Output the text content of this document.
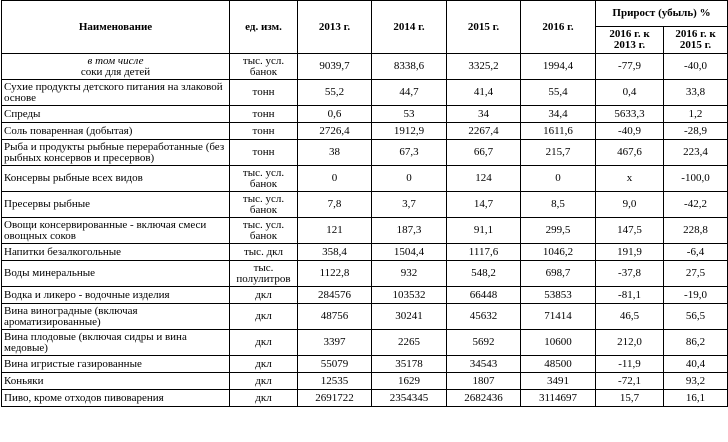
Наименование	ед. изм.	2013 г.	2014 г.	2015 г.	2016 г.	Прирост (убыль) %	
						2016 г. к 2013 г.	2016 г. к 2015 г.

в том числе
соки для детей	тыс. усл. банок	9039,7	8338,6	3325,2	1994,4	-77,9	-40,0
Сухие продукты детского питания на злаковой основе	тонн	55,2	44,7	41,4	55,4	0,4	33,8
Спреды	тонн	0,6	53	34	34,4	5633,3	1,2
Соль поваренная (добытая)	тонн	2726,4	1912,9	2267,4	1611,6	-40,9	-28,9
Рыба и продукты рыбные переработанные (без рыбных консервов и пресервов)	тонн	38	67,3	66,7	215,7	467,6	223,4
Консервы рыбные всех видов	тыс. усл. банок	0	0	124	0	х	-100,0
Пресервы рыбные	тыс. усл. банок	7,8	3,7	14,7	8,5	9,0	-42,2
Овощи консервированные - включая смеси овощных соков	тыс. усл. банок	121	187,3	91,1	299,5	147,5	228,8
Напитки безалкогольные	тыс. дкл	358,4	1504,4	1117,6	1046,2	191,9	-6,4
Воды минеральные	тыс. полулитров	1122,8	932	548,2	698,7	-37,8	27,5
Водка и ликеро - водочные изделия	дкл	284576	103532	66448	53853	-81,1	-19,0
Вина виноградные (включая ароматизированные)	дкл	48756	30241	45632	71414	46,5	56,5
Вина плодовые (включая сидры и вина медовые)	дкл	3397	2265	5692	10600	212,0	86,2
Вина игристые газированные	дкл	55079	35178	34543	48500	-11,9	40,4
Коньяки	дкл	12535	1629	1807	3491	-72,1	93,2
Пиво, кроме отходов пивоварения	дкл	2691722	2354345	2682436	3114697	15,7	16,1
